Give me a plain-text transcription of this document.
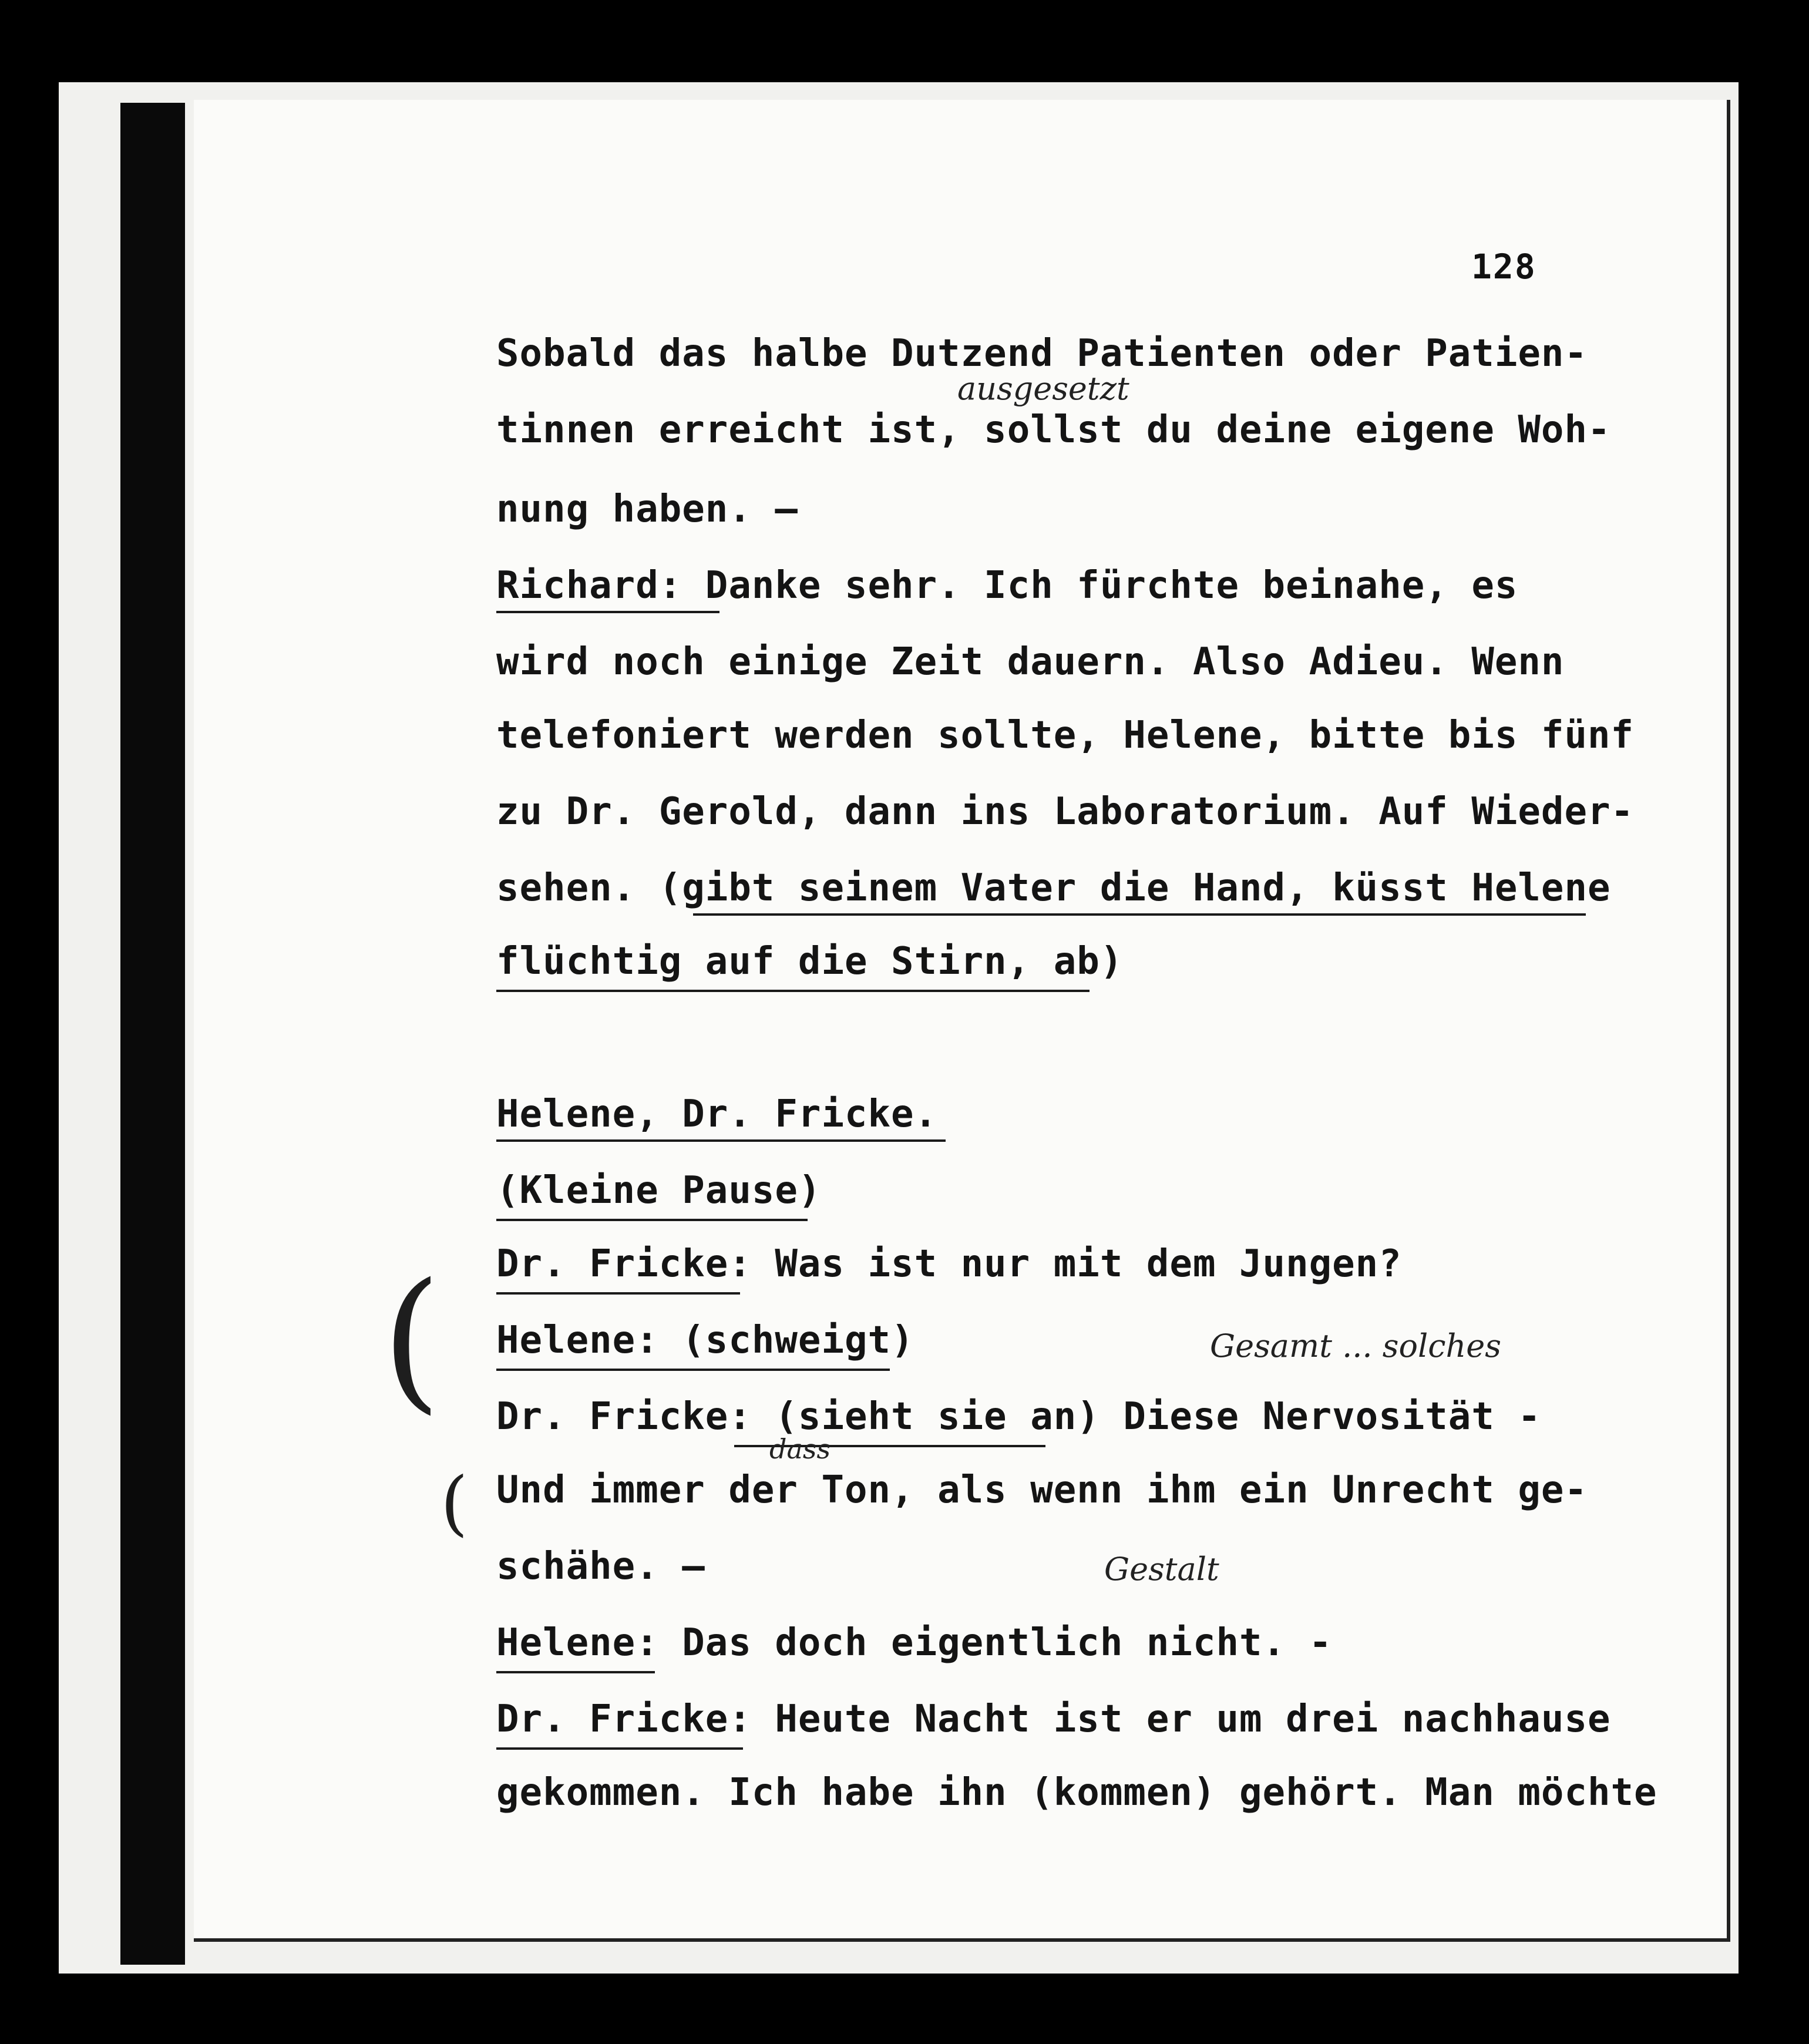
128
Sobald das halbe Dutzend Patienten oder Patien-
tinnen erreicht ist, sollst du deine eigene Woh-
nung haben. —
Richard: Danke sehr. Ich fürchte beinahe, es
wird noch einige Zeit dauern. Also Adieu. Wenn
telefoniert werden sollte, Helene, bitte bis fünf
zu Dr. Gerold, dann ins Laboratorium. Auf Wieder-
sehen. (gibt seinem Vater die Hand, küsst Helene
flüchtig auf die Stirn, ab)
Helene, Dr. Fricke.
(Kleine Pause)
Dr. Fricke: Was ist nur mit dem Jungen?
Helene: (schweigt)
Dr. Fricke: (sieht sie an) Diese Nervosität -
Und immer der Ton, als wenn ihm ein Unrecht ge-
schähe. —
Helene: Das doch eigentlich nicht. -
Dr. Fricke: Heute Nacht ist er um drei nachhause
gekommen. Ich habe ihn (kommen) gehört. Man möchte
ausgesetzt
Gesamt ... solches
dass
Gestalt
(
(
